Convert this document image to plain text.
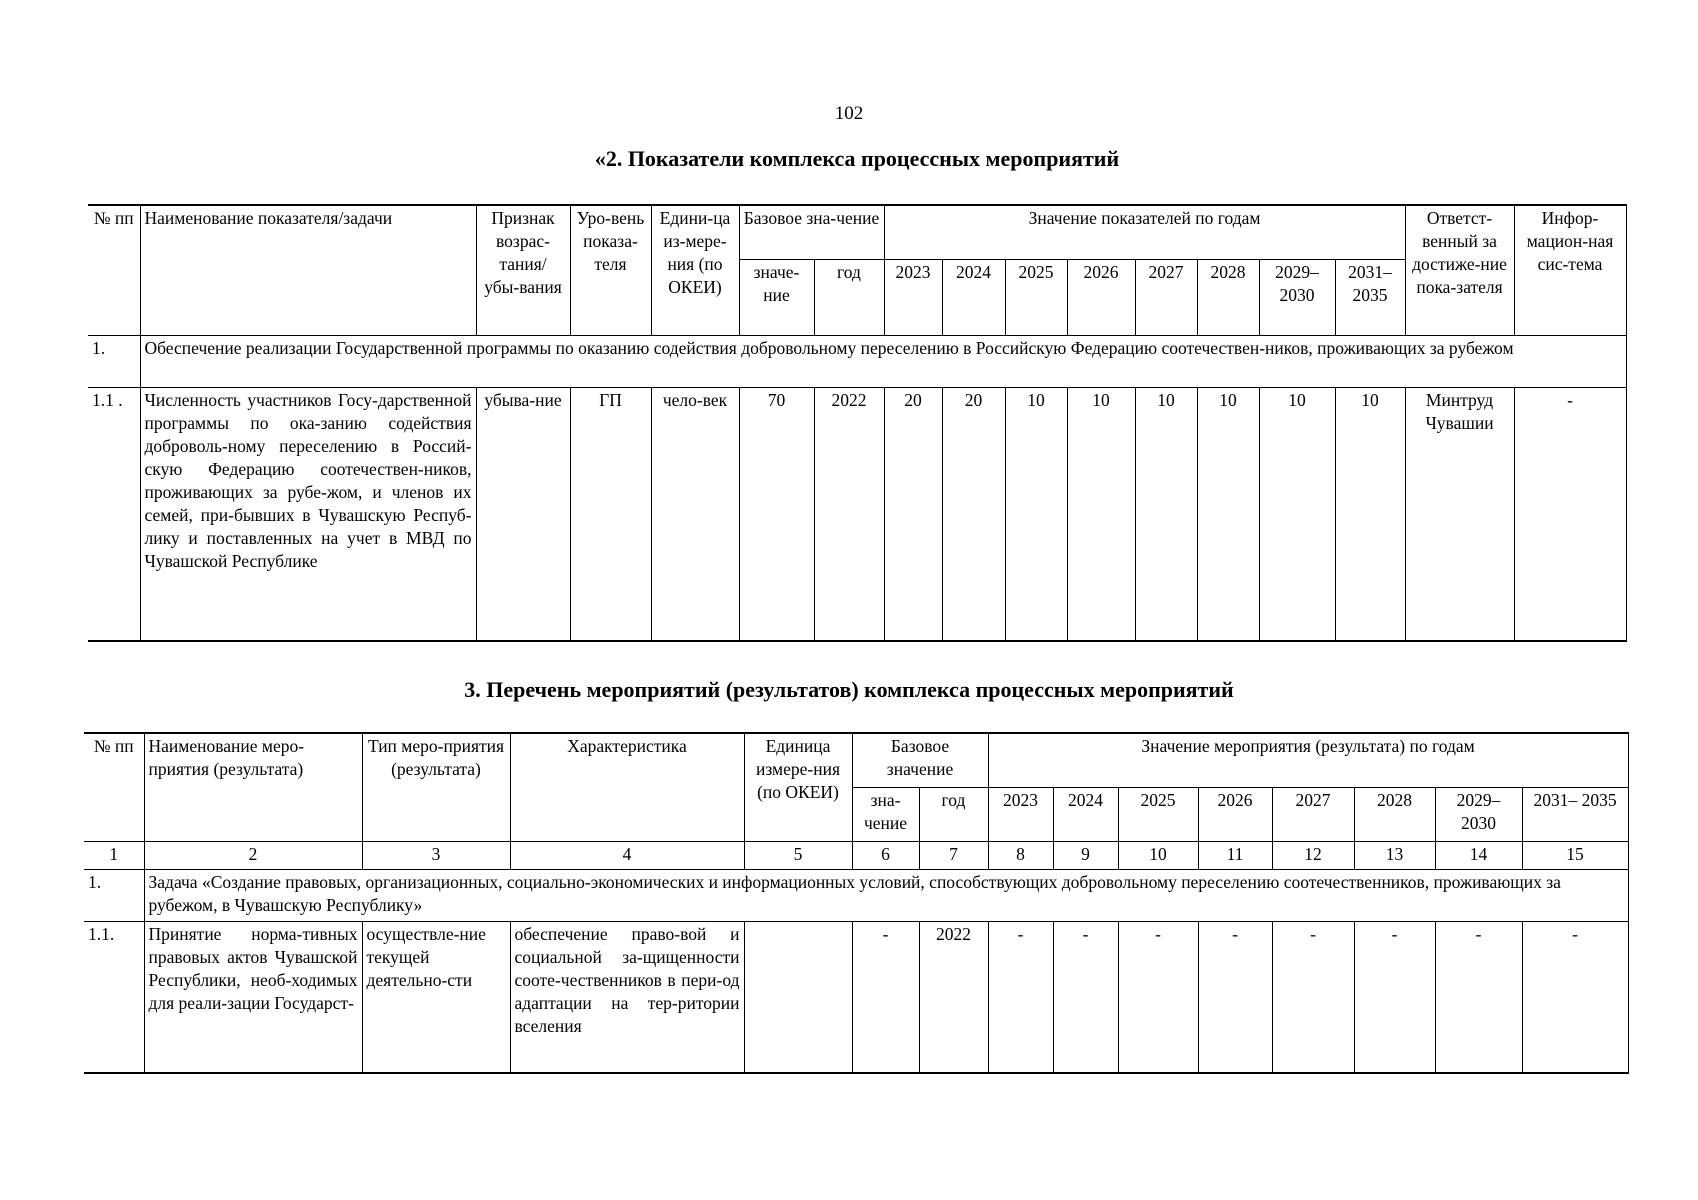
102
«2. Показатели комплекса процессных мероприятий
№ пп	Наименование показателя/задачи	Признак возрас-тания/ убы-вания	Уро-вень показа-теля	Едини-ца из-мере-ния (по ОКЕИ)	Базовое зна-чение		Значение показателей по годам								Ответст-венный за достиже-ние пока-зателя	Инфор-мацион-ная сис-тема
					значе-ние	год	2023	2024	2025	2026	2027	2028	2029– 2030	2031– 2035		
1.	Обеспечение реализации Государственной программы по оказанию содействия добровольному переселению в Российскую Федерацию соотечествен-ников, проживающих за рубежом															
1.1 .	Численность участников Госу-дарственной программы по ока-занию содействия доброволь-ному переселению в Россий-скую Федерацию соотечествен-ников, проживающих за рубе-жом, и членов их семей, при-бывших в Чувашскую Респуб-лику и поставленных на учет в МВД по Чувашской Республике	убыва-ние	ГП	чело-век	70	2022	20	20	10	10	10	10	10	10	Минтруд Чувашии	-
3. Перечень мероприятий (результатов) комплекса процессных мероприятий
№ пп	Наименование меро-приятия (результата)	Тип меро-приятия (результата)	Характеристика	Единица измере-ния (по ОКЕИ)	Базовое значение		Значение мероприятия (результата) по годам							
					зна-чение	год	2023	2024	2025	2026	2027	2028	2029– 2030	2031– 2035
1	2	3	4	5	6	7	8	9	10	11	12	13	14	15
1.	Задача «Создание правовых, организационных, социально-экономических и информационных условий, способствующих добровольному переселению соотечественников, проживающих за рубежом, в Чувашскую Республику»													
1.1.	Принятие норма-тивных правовых актов Чувашской Республики, необ-ходимых для реали-зации Государст-	осуществле-ние текущей деятельно-сти	обеспечение право-вой и социальной за-щищенности сооте-чественников в пери-од адаптации на тер-ритории вселения		-	2022	-	-	-	-	-	-	-	-
